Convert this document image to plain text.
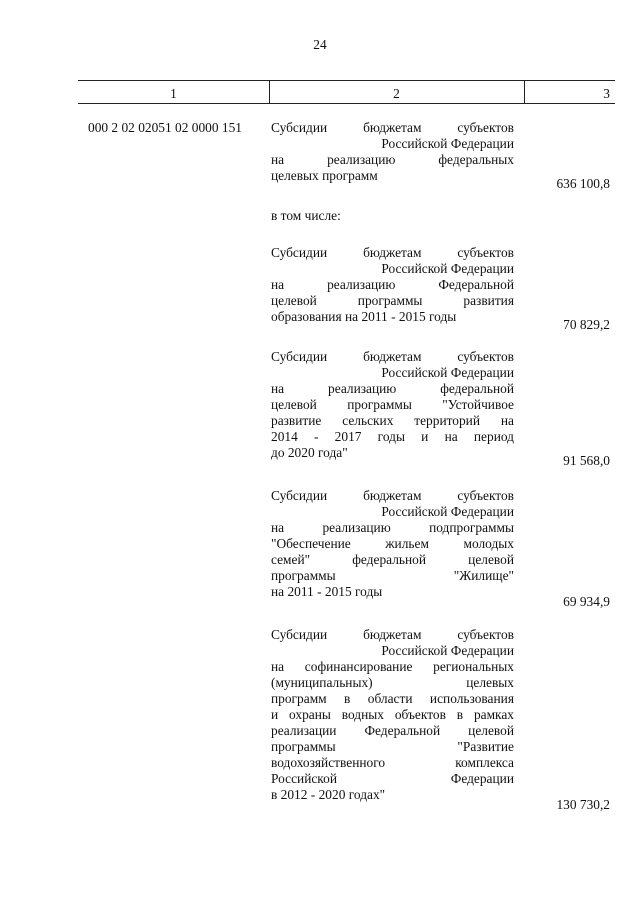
24
1	2	3
000 2 02 02051 02 0000 151 Субсидии бюджетам субъектов
Российской Федерации
на реализацию федеральных
целевых программ
636 100,8
в том числе:
Субсидии бюджетам субъектов
Российской Федерации
на реализацию Федеральной
целевой программы развития
образования на 2011 - 2015 годы
70 829,2
Субсидии бюджетам субъектов
Российской Федерации
на реализацию федеральной
целевой программы "Устойчивое
развитие сельских территорий на
2014 - 2017 годы и на период
до 2020 года"
91 568,0
Субсидии бюджетам субъектов
Российской Федерации
на реализацию подпрограммы
"Обеспечение жильем молодых
семей" федеральной целевой
программы "Жилище"
на 2011 - 2015 годы
69 934,9
Субсидии бюджетам субъектов
Российской Федерации
на софинансирование региональных
(муниципальных) целевых
программ в области использования
и охраны водных объектов в рамках
реализации Федеральной целевой
программы "Развитие
водохозяйственного комплекса
Российской Федерации
в 2012 - 2020 годах"
130 730,2
